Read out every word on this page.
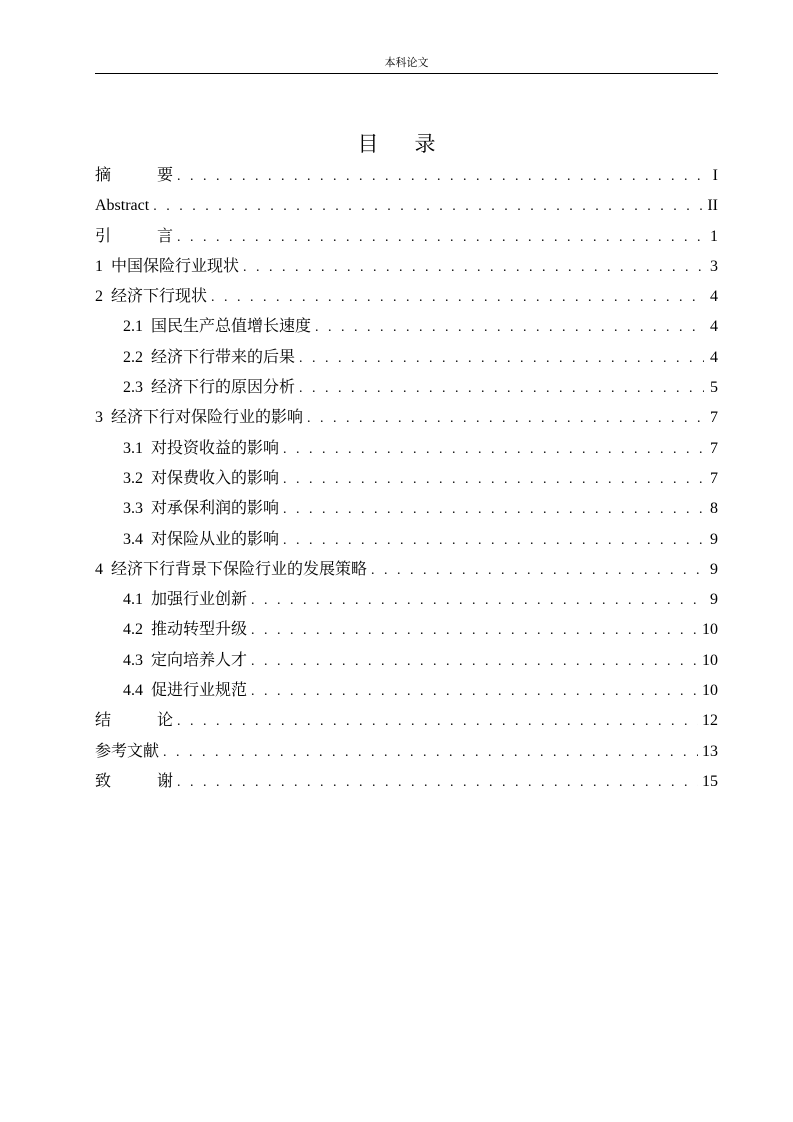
本科论文
目 录
摘	要 . . .	I
Abstract . . .	II
引	言 . . .	1
1 中国保险行业现状 . . .	3
2 经济下行现状 . . .	4
2.1 国民生产总值增长速度 . . .	4
2.2 经济下行带来的后果 . . .	4
2.3 经济下行的原因分析 . . .	5
3 经济下行对保险行业的影响 . . .	7
3.1 对投资收益的影响 . . .	7
3.2 对保费收入的影响 . . .	7
3.3 对承保利润的影响 . . .	8
3.4 对保险从业的影响 . . .	9
4 经济下行背景下保险行业的发展策略 . . .	9
4.1 加强行业创新 . . .	9
4.2 推动转型升级 . . .	10
4.3 定向培养人才 . . .	10
4.4 促进行业规范 . . .	10
结	论 . . .	12
参考文献 . . .	13
致	谢 . . .	15
